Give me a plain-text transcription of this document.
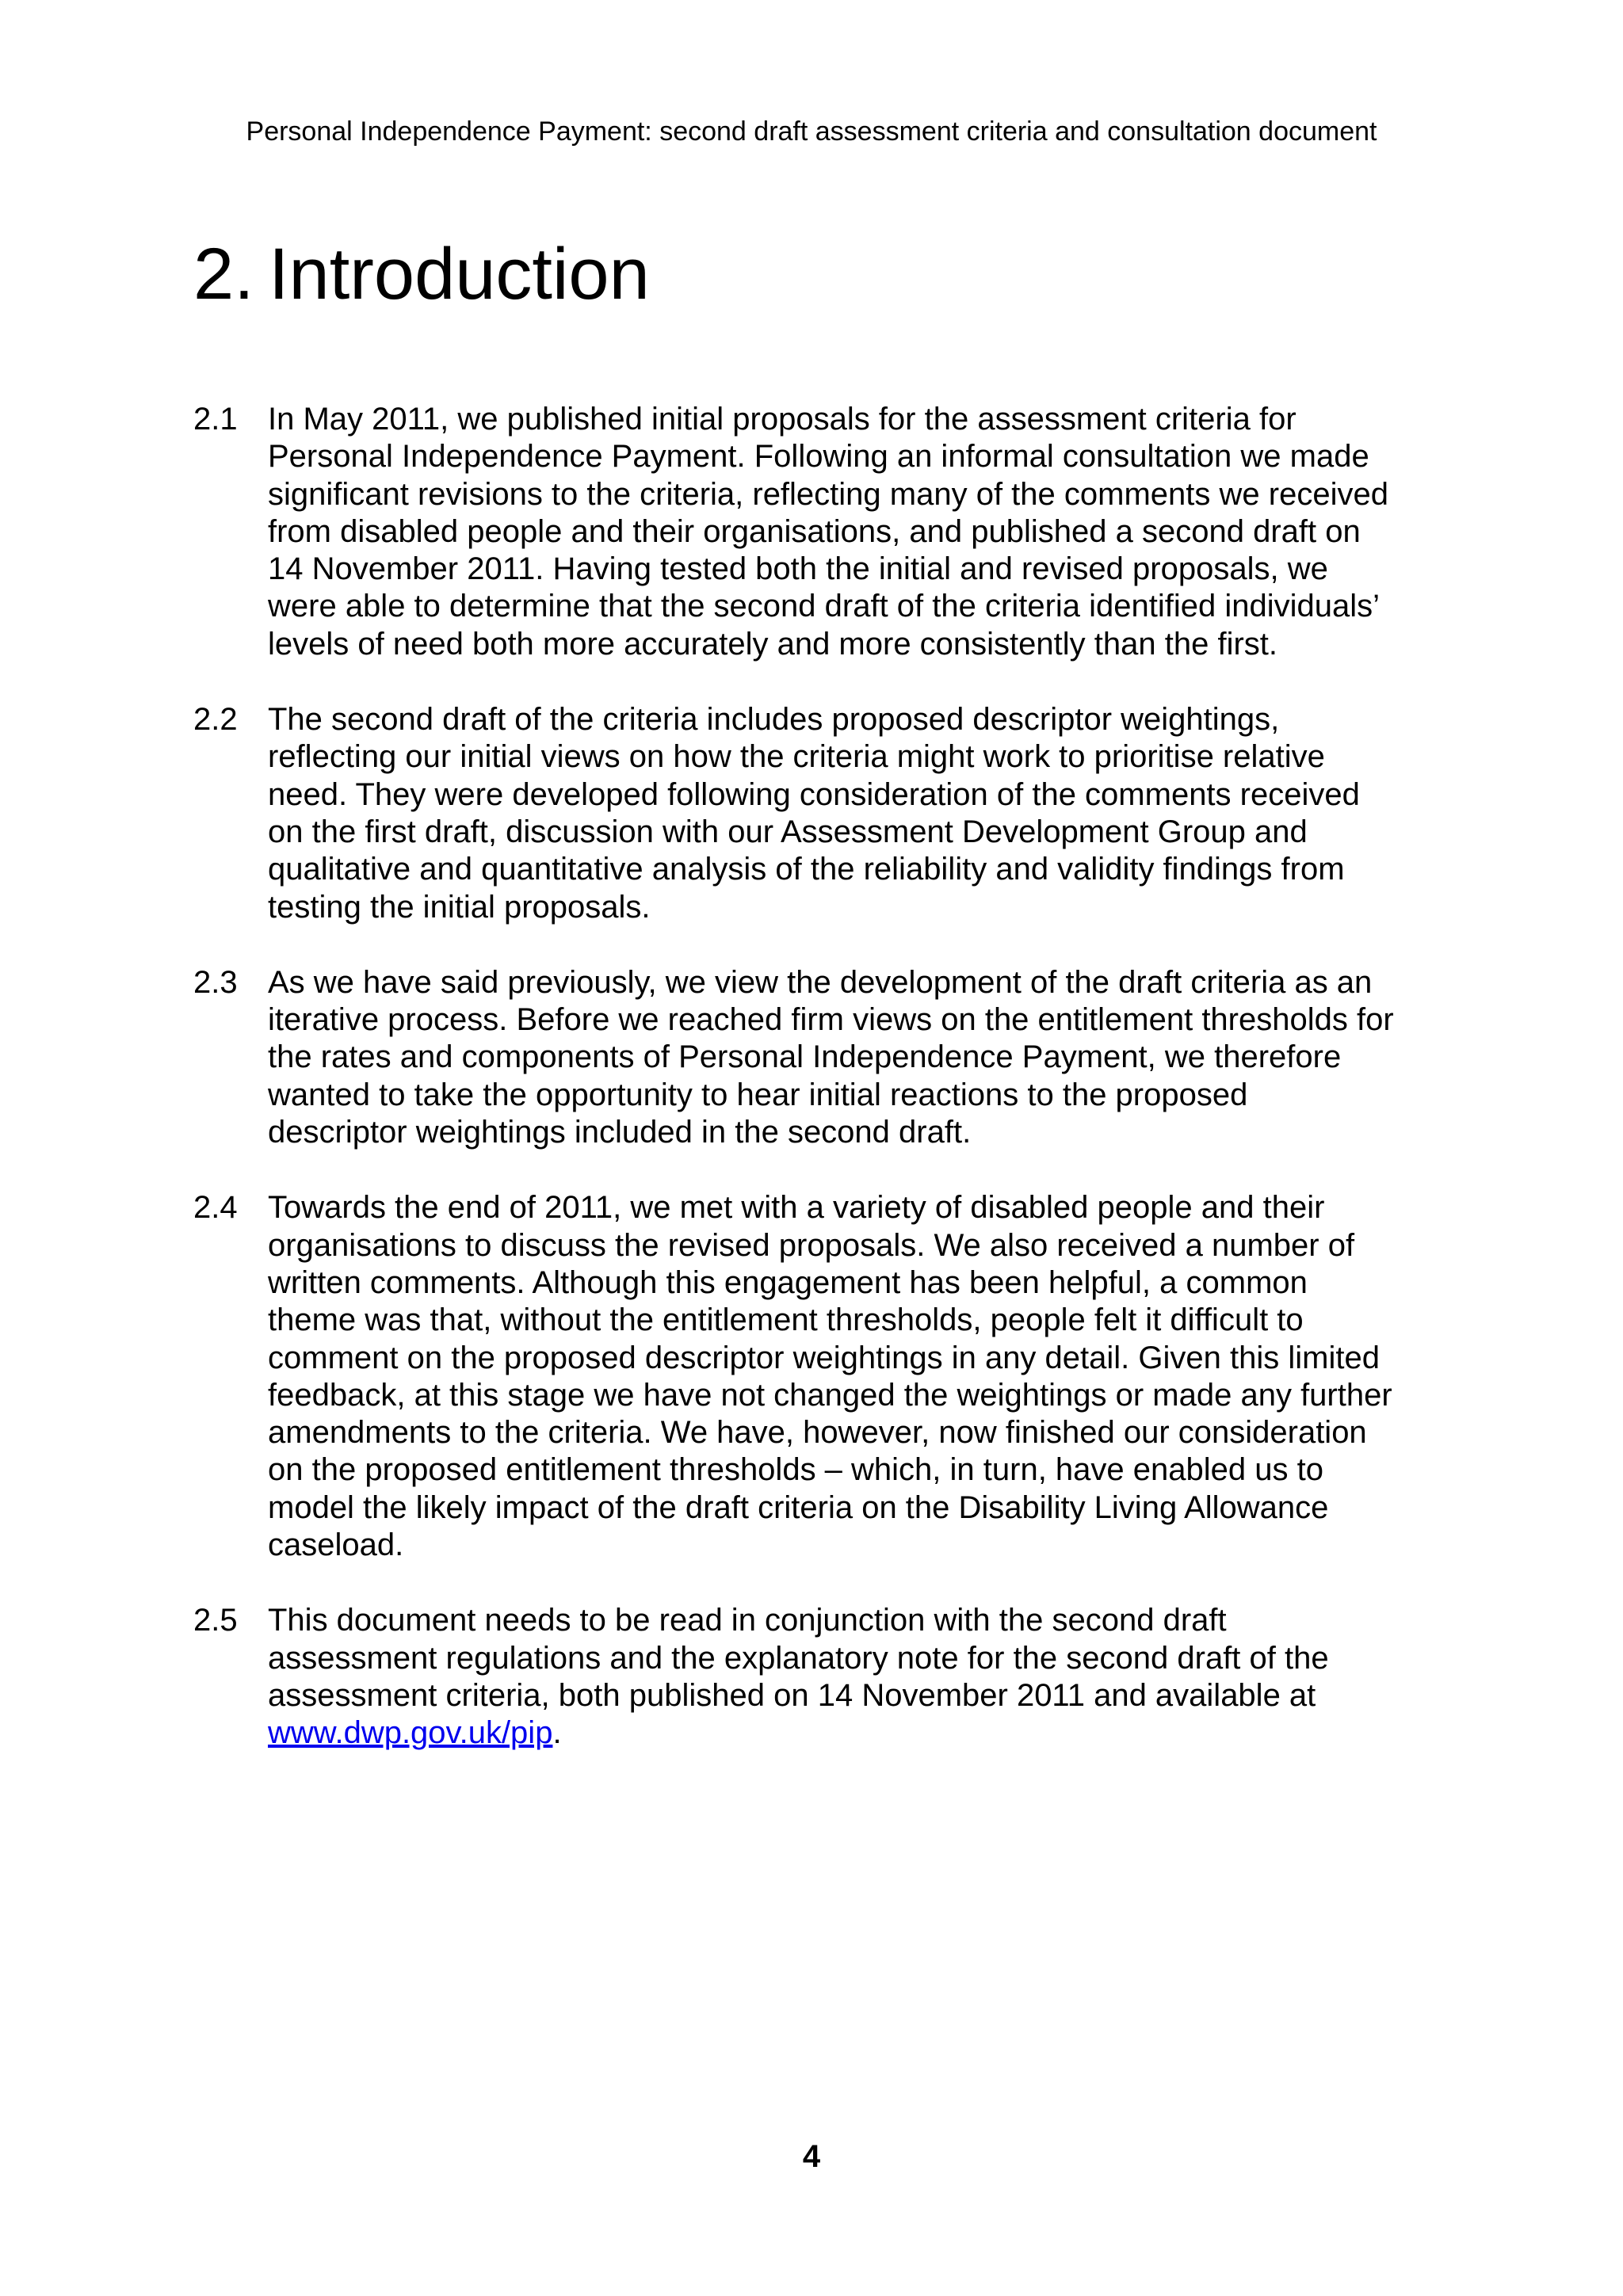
Personal Independence Payment: second draft assessment criteria and consultation document
2. Introduction
2.1 In May 2011, we published initial proposals for the assessment criteria for
Personal Independence Payment. Following an informal consultation we made
significant revisions to the criteria, reflecting many of the comments we received
from disabled people and their organisations, and published a second draft on
14 November 2011. Having tested both the initial and revised proposals, we
were able to determine that the second draft of the criteria identified individuals’
levels of need both more accurately and more consistently than the first.
2.2 The second draft of the criteria includes proposed descriptor weightings,
reflecting our initial views on how the criteria might work to prioritise relative
need. They were developed following consideration of the comments received
on the first draft, discussion with our Assessment Development Group and
qualitative and quantitative analysis of the reliability and validity findings from
testing the initial proposals.
2.3 As we have said previously, we view the development of the draft criteria as an
iterative process. Before we reached firm views on the entitlement thresholds for
the rates and components of Personal Independence Payment, we therefore
wanted to take the opportunity to hear initial reactions to the proposed
descriptor weightings included in the second draft.
2.4 Towards the end of 2011, we met with a variety of disabled people and their
organisations to discuss the revised proposals. We also received a number of
written comments. Although this engagement has been helpful, a common
theme was that, without the entitlement thresholds, people felt it difficult to
comment on the proposed descriptor weightings in any detail. Given this limited
feedback, at this stage we have not changed the weightings or made any further
amendments to the criteria. We have, however, now finished our consideration
on the proposed entitlement thresholds – which, in turn, have enabled us to
model the likely impact of the draft criteria on the Disability Living Allowance
caseload.
2.5 This document needs to be read in conjunction with the second draft
assessment regulations and the explanatory note for the second draft of the
assessment criteria, both published on 14 November 2011 and available at
www.dwp.gov.uk/pip.
4
